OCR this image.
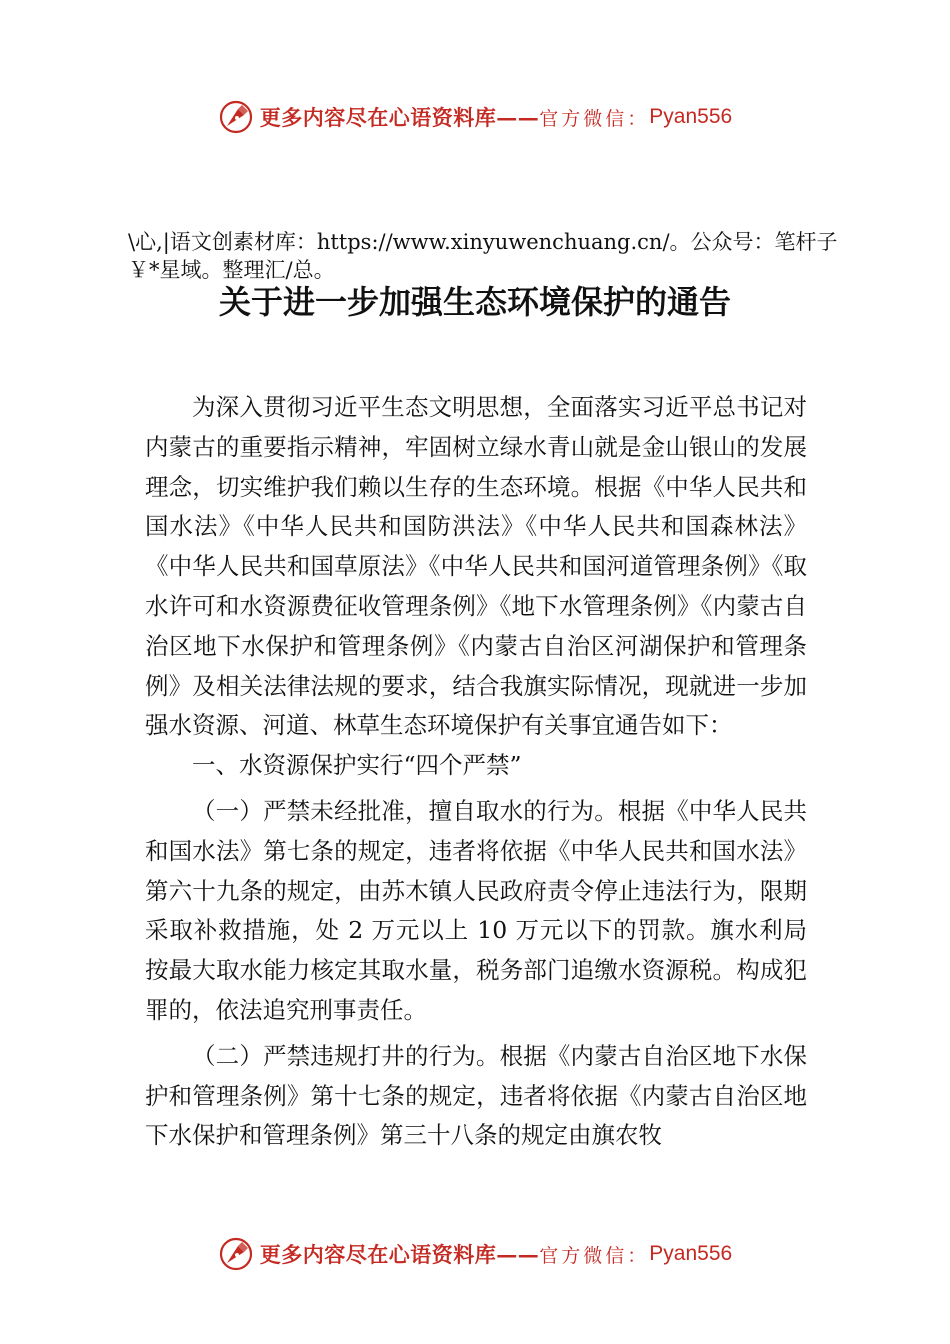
更多内容尽在心语资料库 —— 官方微信： Pyan556

\心,|语文创素材库：https://www.xinyuwenchuang.cn/。公众号：笔杆子￥*星域。整理汇/总。

关于进一步加强生态环境保护的通告

为深入贯彻习近平生态文明思想，全面落实习近平总书记对内蒙古的重要指示精神，牢固树立绿水青山就是金山银山的发展理念，切实维护我们赖以生存的生态环境。根据《中华人民共和国水法》《中华人民共和国防洪法》《中华人民共和国森林法》《中华人民共和国草原法》《中华人民共和国河道管理条例》《取水许可和水资源费征收管理条例》《地下水管理条例》《内蒙古自治区地下水保护和管理条例》《内蒙古自治区河湖保护和管理条例》及相关法律法规的要求，结合我旗实际情况，现就进一步加强水资源、河道、林草生态环境保护有关事宜通告如下：

一、水资源保护实行“四个严禁”

（一）严禁未经批准，擅自取水的行为。根据《中华人民共和国水法》第七条的规定，违者将依据《中华人民共和国水法》第六十九条的规定，由苏木镇人民政府责令停止违法行为，限期采取补救措施，处 2 万元以上 10 万元以下的罚款。旗水利局按最大取水能力核定其取水量，税务部门追缴水资源税。构成犯罪的，依法追究刑事责任。

（二）严禁违规打井的行为。根据《内蒙古自治区地下水保护和管理条例》第十七条的规定，违者将依据《内蒙古自治区地下水保护和管理条例》第三十八条的规定由旗农牧

更多内容尽在心语资料库 —— 官方微信： Pyan556
